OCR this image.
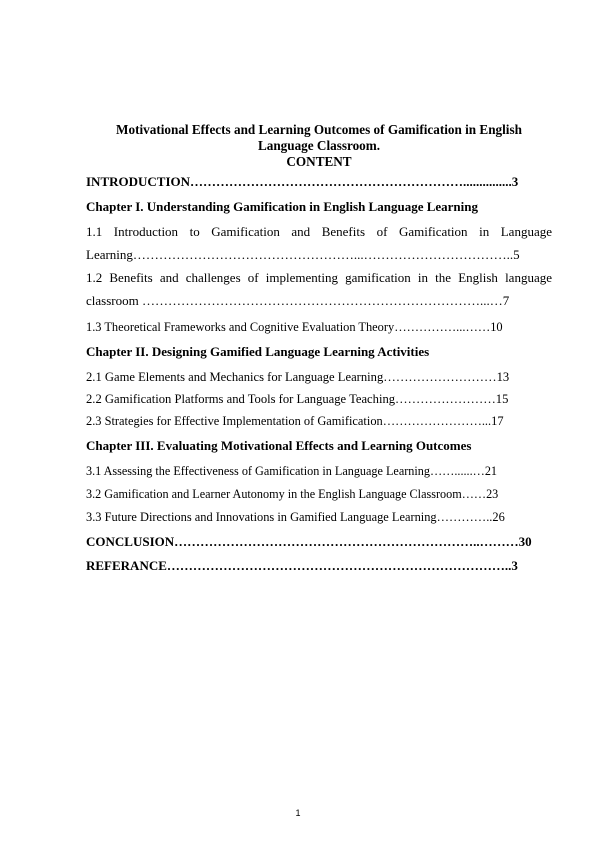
Motivational Effects and Learning Outcomes of Gamification in English
Language Classroom.
CONTENT
INTRODUCTION………………………………………………………...............3
Chapter I. Understanding Gamification in English Language Learning
1.1 Introduction to Gamification and Benefits of Gamification in Language
Learning……………………………………………...……………………………..5
1.2 Benefits and challenges of implementing gamification in the English language
classroom ……………………………………………………………………...…7
1.3 Theoretical Frameworks and Cognitive Evaluation Theory……………...……10
Chapter II. Designing Gamified Language Learning Activities
2.1 Game Elements and Mechanics for Language Learning………………………13
2.2 Gamification Platforms and Tools for Language Teaching……………………15
2.3 Strategies for Effective Implementation of Gamification……………………...17
Chapter III. Evaluating Motivational Effects and Learning Outcomes
3.1 Assessing the Effectiveness of Gamification in Language Learning……......…21
3.2 Gamification and Learner Autonomy in the English Language Classroom……23
3.3 Future Directions and Innovations in Gamified Language Learning…………..26
CONCLUSION……………………………………………………………..………30
REFERANCE……………………………………………………………………..3
1
